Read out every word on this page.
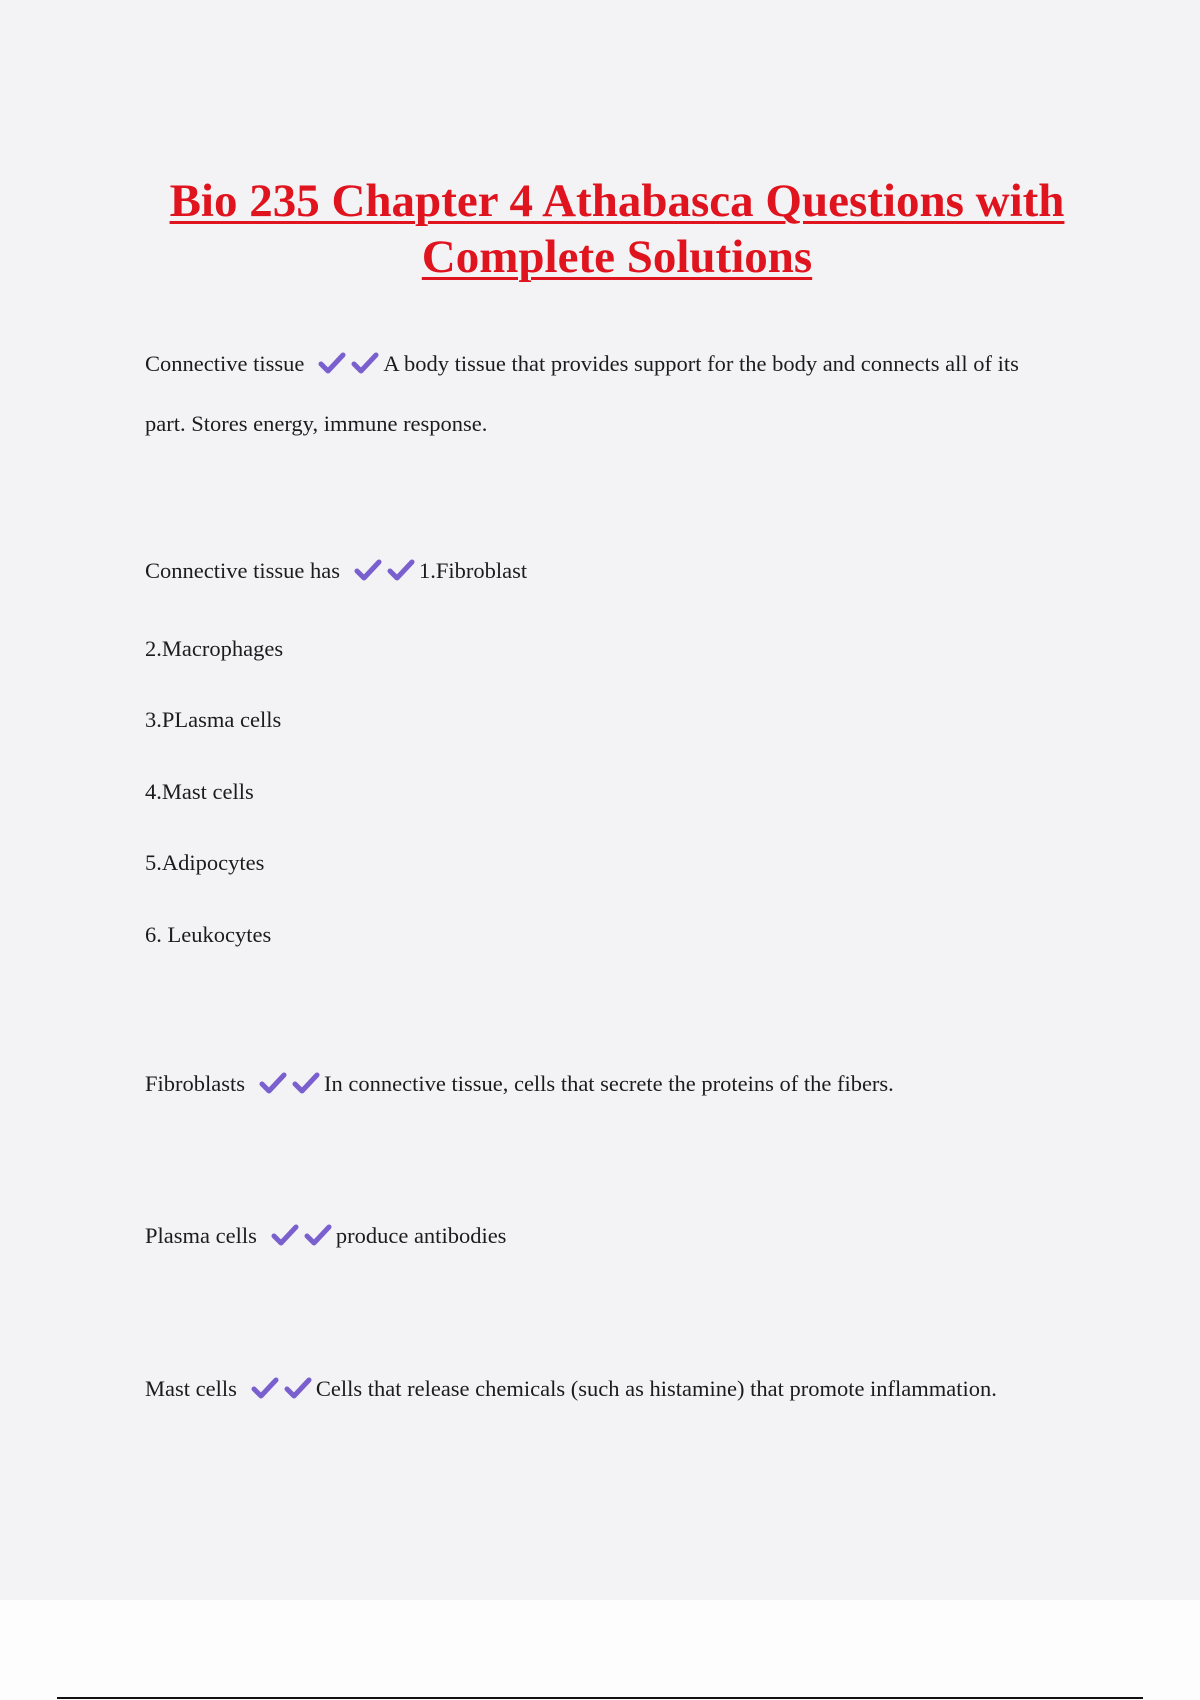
Bio 235 Chapter 4 Athabasca Questions with
Complete Solutions
Connective tissue	A body tissue that provides support for the body and connects all of its
part. Stores energy, immune response.
Connective tissue has	1.Fibroblast
2.Macrophages
3.PLasma cells
4.Mast cells
5.Adipocytes
6. Leukocytes
Fibroblasts	In connective tissue, cells that secrete the proteins of the fibers.
Plasma cells	produce antibodies
Mast cells	Cells that release chemicals (such as histamine) that promote inflammation.
